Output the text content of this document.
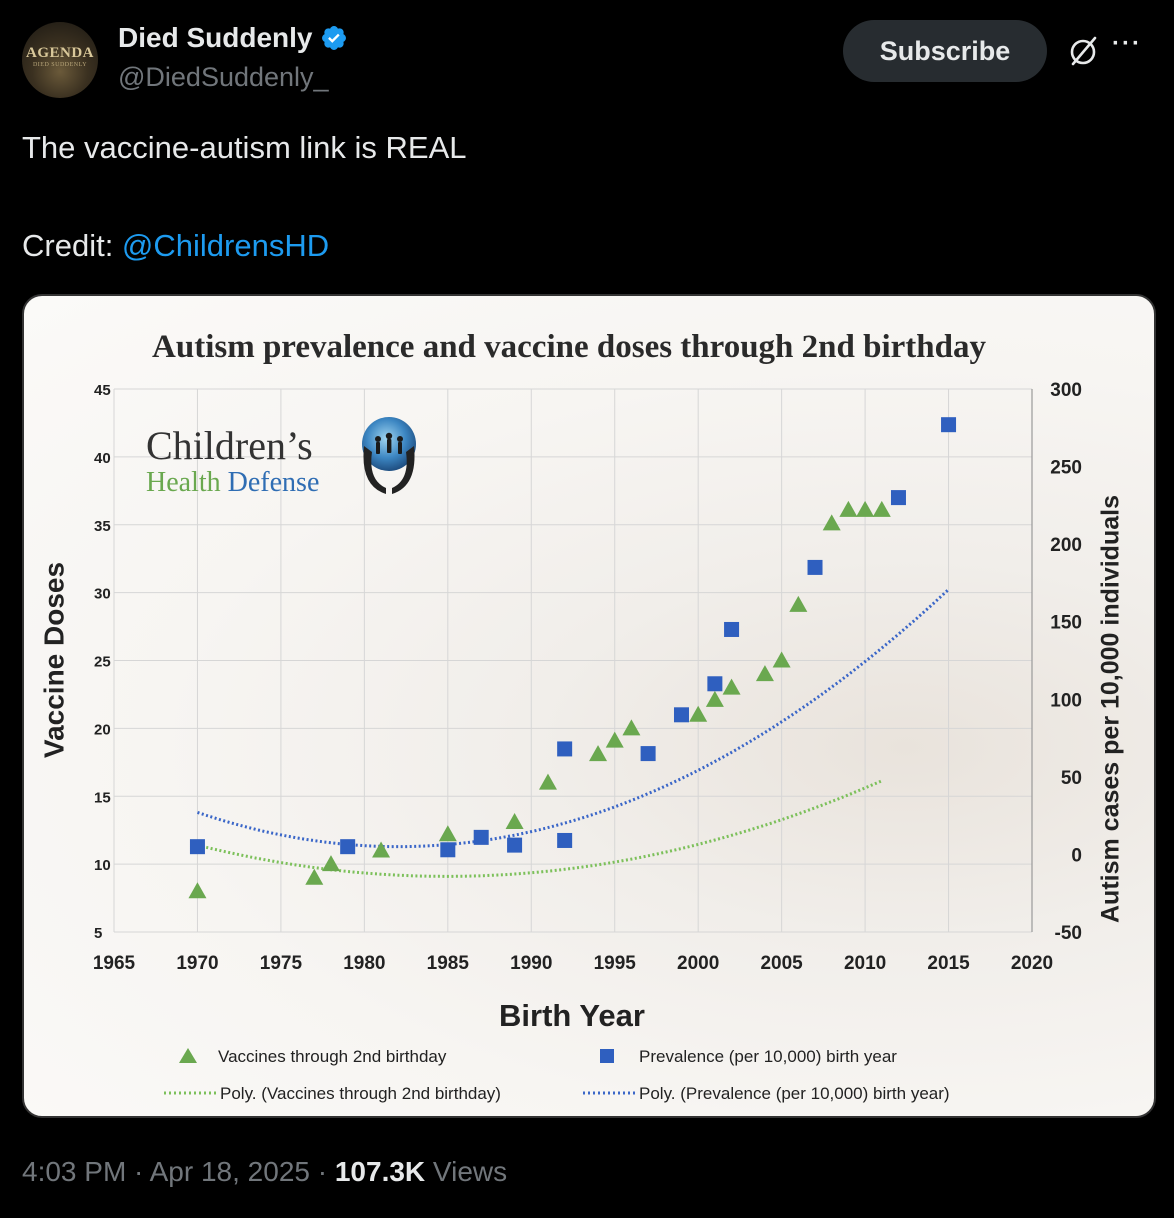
AGENDA
DIED SUDDENLY
Died Suddenly
@DiedSuddenly_
Subscribe	···
The vaccine-autism link is REAL
Credit: @ChildrensHD
Autism prevalence and vaccine doses through 2nd birthday
1965 1970 1975 1980 1985 1990 1995 2000 2005 2010 2015 2020
5
10
15
20
25
30
35
40
45
-50
0
50
100
150
200
250
300
Children’s
Health Defense
Vaccine Doses	Autism cases per 10,000 individuals
Birth Year
Vaccines through 2nd birthday	Prevalence (per 10,000) birth year
Poly. (Vaccines through 2nd birthday)	Poly. (Prevalence (per 10,000) birth year)
4:03 PM · Apr 18, 2025 · 107.3K Views
